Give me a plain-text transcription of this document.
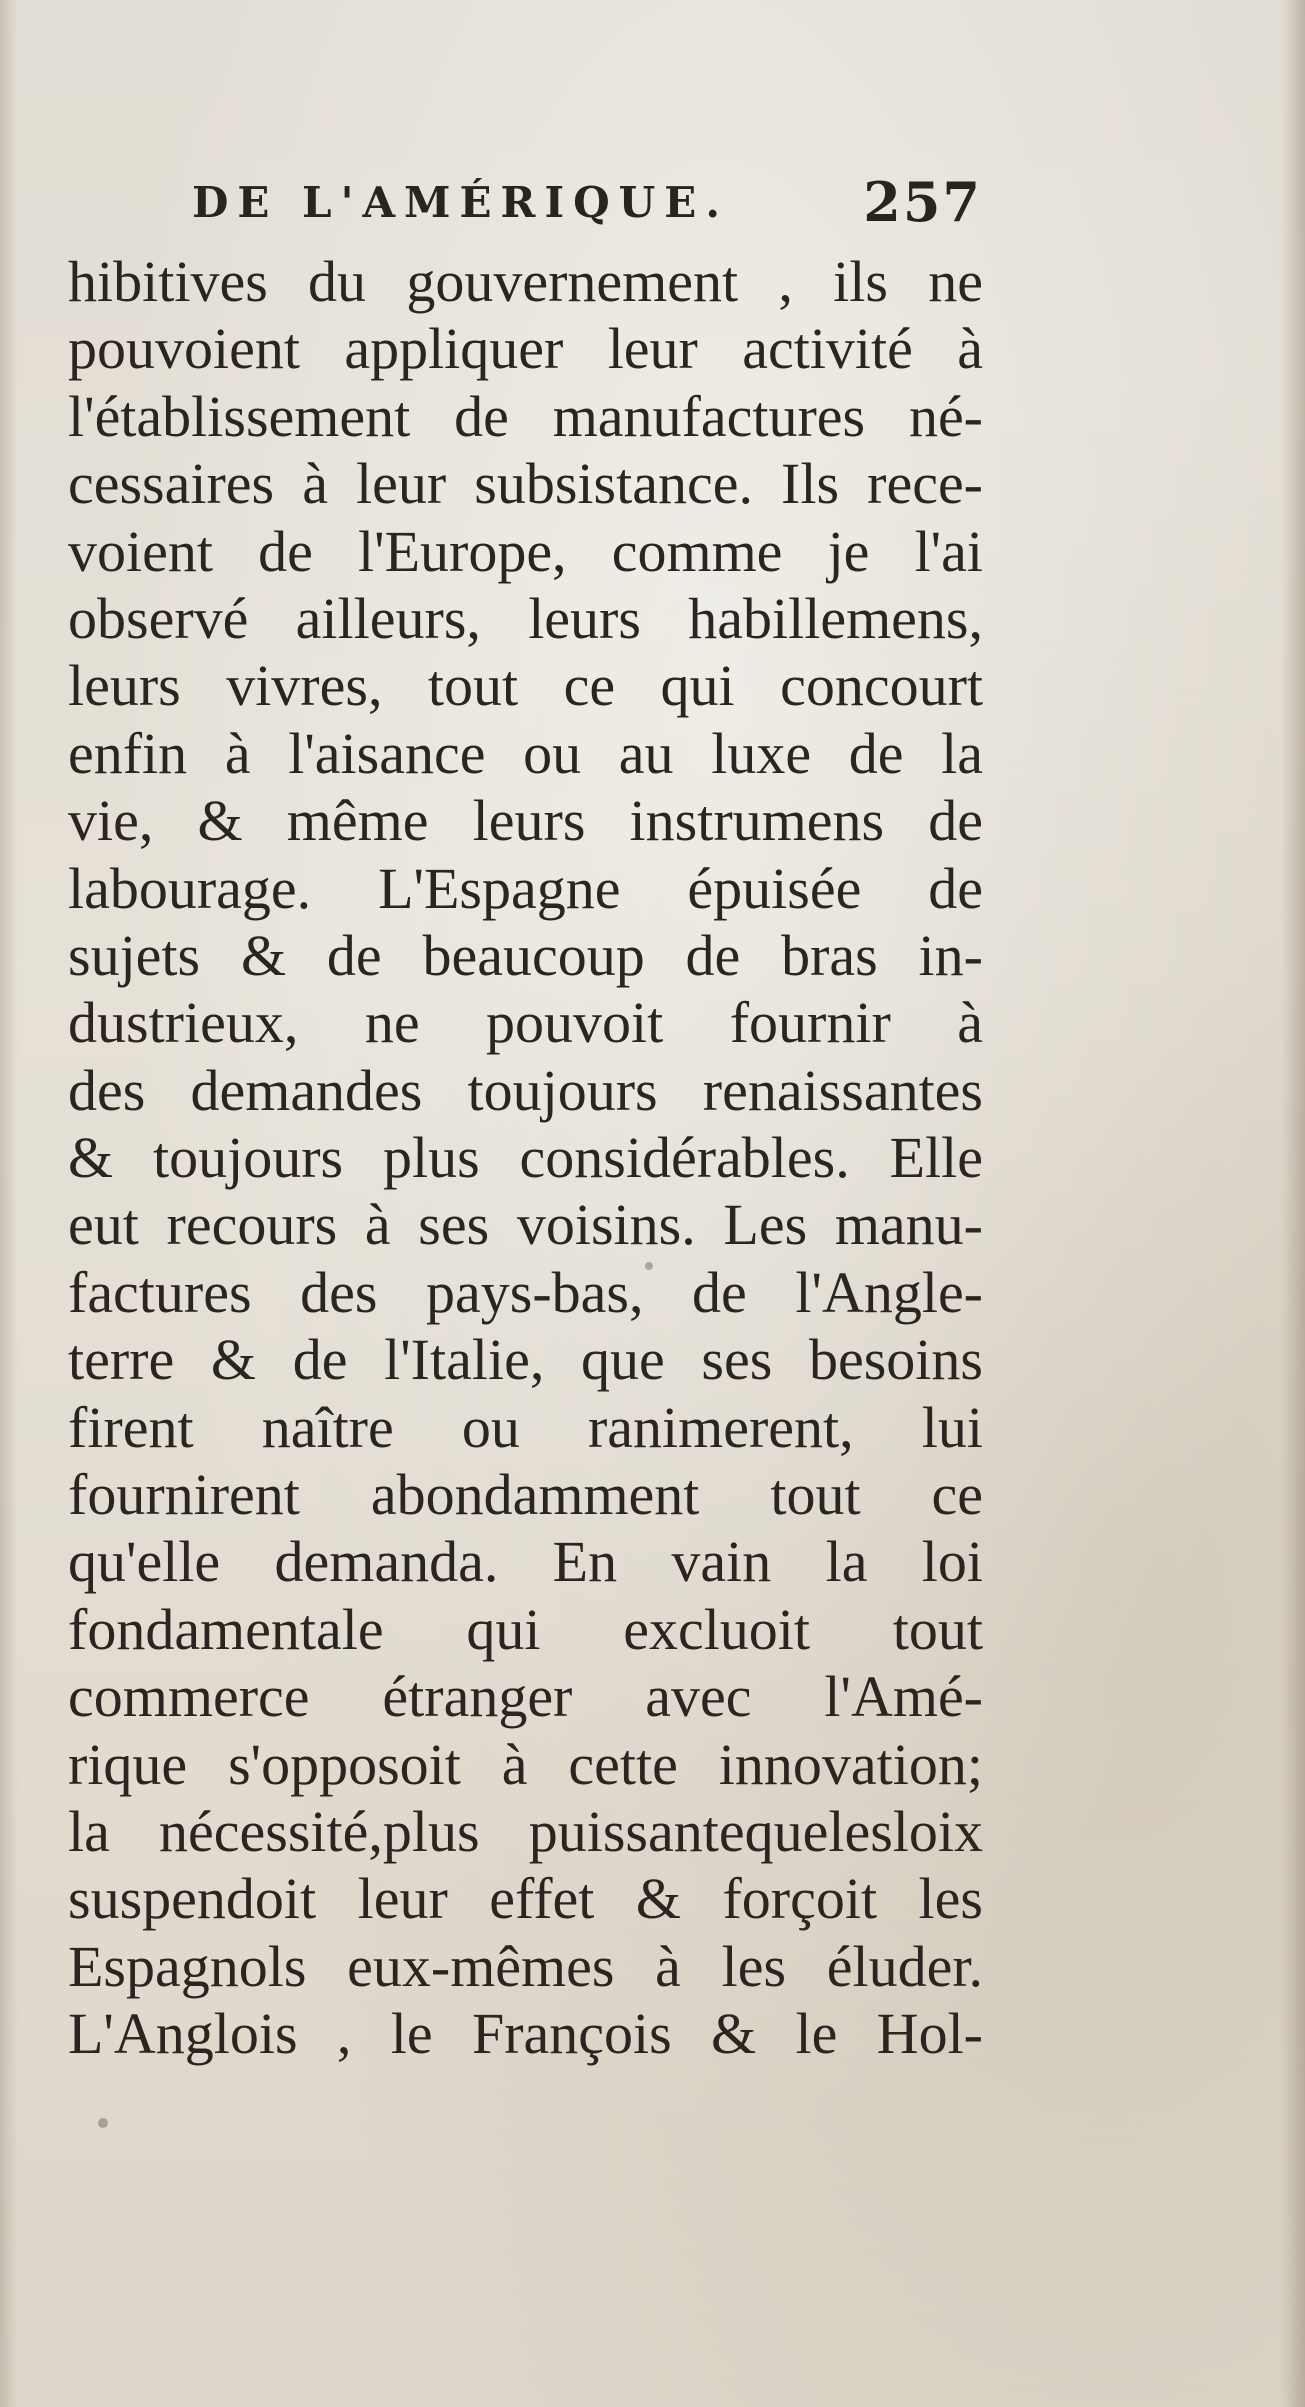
DE L'AMÉRIQUE. 257
hibitives du gouvernement , ils ne
pouvoient appliquer leur activité à
l'établissement de manufactures né-
cessaires à leur subsistance. Ils rece-
voient de l'Europe, comme je l'ai
observé ailleurs, leurs habillemens,
leurs vivres, tout ce qui concourt
enfin à l'aisance ou au luxe de la
vie, & même leurs instrumens de
labourage. L'Espagne épuisée de
sujets & de beaucoup de bras in-
dustrieux, ne pouvoit fournir à
des demandes toujours renaissantes
& toujours plus considérables. Elle
eut recours à ses voisins. Les manu-
factures des pays-bas, de l'Angle-
terre & de l'Italie, que ses besoins
firent naître ou ranimerent, lui
fournirent abondamment tout ce
qu'elle demanda. En vain la loi
fondamentale qui excluoit tout
commerce étranger avec l'Amé-
rique s'opposoit à cette innovation;
la nécessité,plus puissantequelesloix
suspendoit leur effet & forçoit les
Espagnols eux-mêmes à les éluder.
L'Anglois , le François & le Hol-
